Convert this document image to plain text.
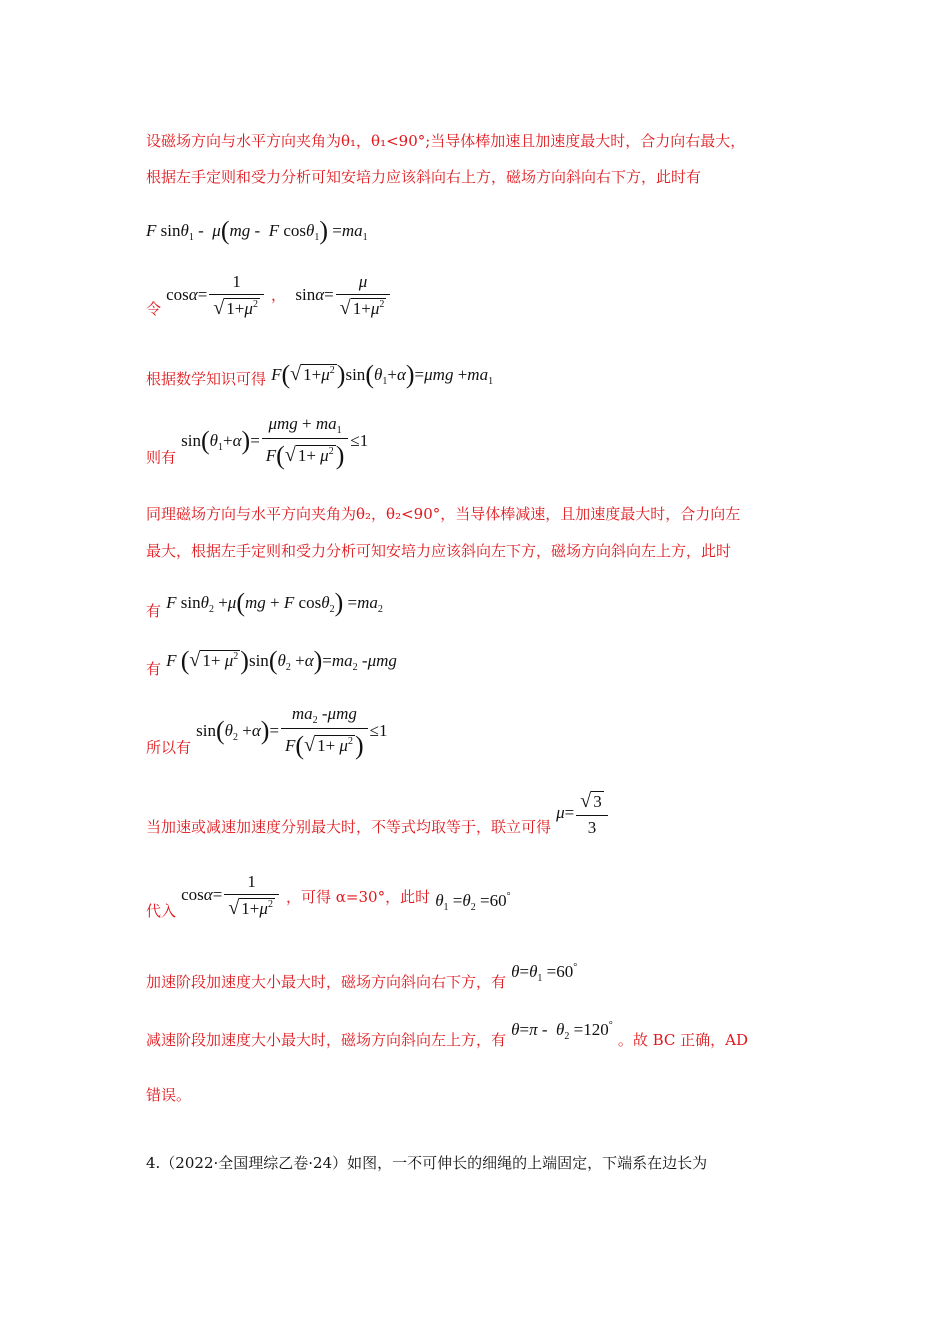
设磁场方向与水平方向夹角为θ₁，θ₁<90°;当导体棒加速且加速度最大时，合力向右最大，
根据左手定则和受力分析可知安培力应该斜向右上方，磁场方向斜向右下方，此时有
F sinθ$_1$ -  μ(mg -  F $\cos\theta_1) =ma_1$
令 $\cos\alpha= \frac{1}{√ 1+\mu^2}$ ，  $\sin\alpha= \frac{\mu}{√ 1+\mu^2}$
根据数学知识可得 F(√ $1+\mu^2)\sin(\theta_1+\alpha)=\mu mg +ma_1$
则有 $\sin(\theta_1+\alpha)= \frac{\mu mg + ma_1}{F(√ 1+ \mu^2)} \le 1$
同理磁场方向与水平方向夹角为θ₂，θ₂<90°，当导体棒减速，且加速度最大时，合力向左
最大，根据左手定则和受力分析可知安培力应该斜向左下方，磁场方向斜向左上方，此时
有 F sinθ$_2$ +μ(mg + F $\cos\theta_2) =ma_2$
有 F (√ $1+ \mu^2)\sin(\theta_2 +\alpha)=ma_2$ -μmg
所以有 $\sin(\theta_2 +\alpha)= \frac{ma_2 -\mu mg}{F(√ 1+ \mu^2)} \le 1$
当加速或减速加速度分别最大时，不等式均取等于，联立可得 $\mu= \frac{√ 3}{3}$
代入 $\cos\alpha= \frac{1}{√ 1+\mu^2}$ ，可得 α=30°，此时 $\theta_1 =\theta_2 =60^\circ$
加速阶段加速度大小最大时，磁场方向斜向右下方，有 $\theta=\theta_1 =60^\circ$
减速阶段加速度大小最大时，磁场方向斜向左上方，有 $\theta=\pi - \theta_2 =120^\circ$ 。故 BC 正确，AD
错误。
4.（2022·全国理综乙卷·24）如图，一不可伸长的细绳的上端固定，下端系在边长为
